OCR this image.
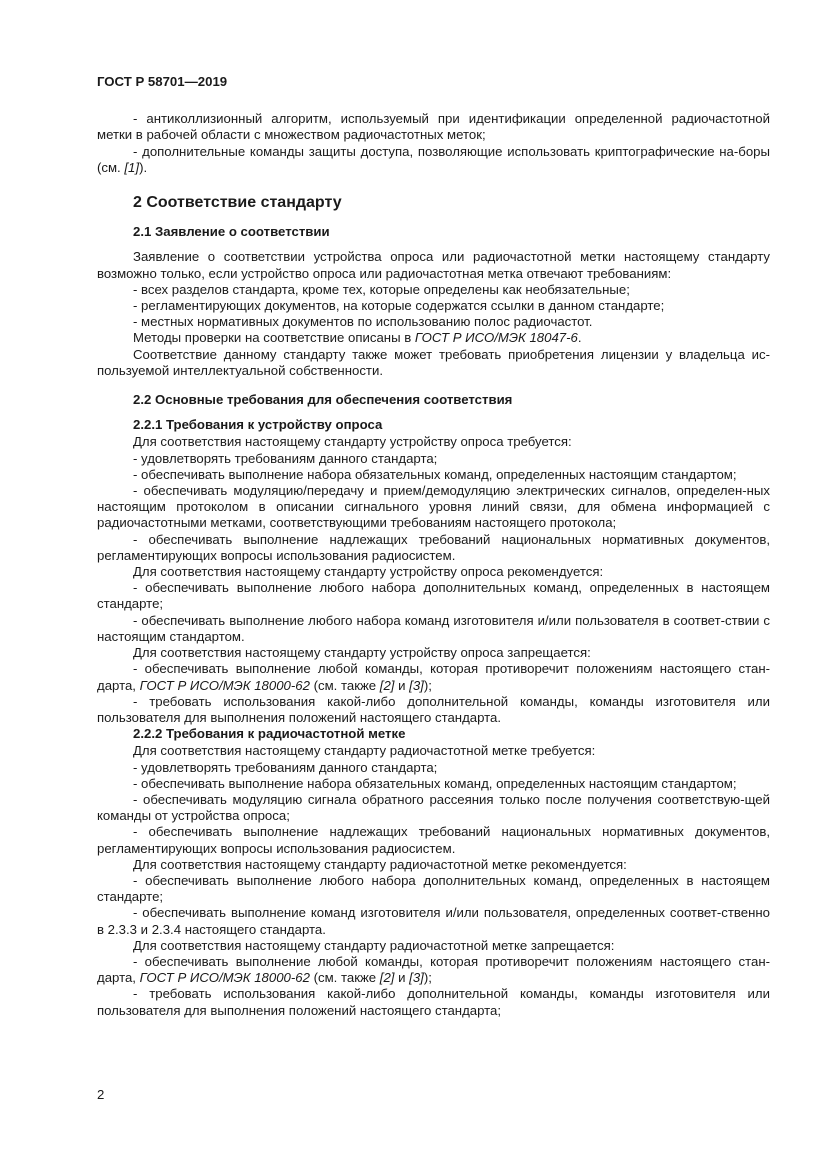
ГОСТ Р 58701—2019

- антиколлизионный алгоритм, используемый при идентификации определенной радиочастотной метки в рабочей области с множеством радиочастотных меток;

- дополнительные команды защиты доступа, позволяющие использовать криптографические на-боры (см. [1]).

2 Соответствие стандарту
2.1 Заявление о соответствии

Заявление о соответствии устройства опроса или радиочастотной метки настоящему стандарту возможно только, если устройство опроса или радиочастотная метка отвечают требованиям:

- всех разделов стандарта, кроме тех, которые определены как необязательные;

- регламентирующих документов, на которые содержатся ссылки в данном стандарте;

- местных нормативных документов по использованию полос радиочастот.

Методы проверки на соответствие описаны в ГОСТ Р ИСО/МЭК 18047-6.

Соответствие данному стандарту также может требовать приобретения лицензии у владельца ис-пользуемой интеллектуальной собственности.

2.2 Основные требования для обеспечения соответствия
2.2.1 Требования к устройству опроса

Для соответствия настоящему стандарту устройству опроса требуется:

- удовлетворять требованиям данного стандарта;

- обеспечивать выполнение набора обязательных команд, определенных настоящим стандартом;

- обеспечивать модуляцию/передачу и прием/демодуляцию электрических сигналов, определен-ных настоящим протоколом в описании сигнального уровня линий связи, для обмена информацией с радиочастотными метками, соответствующими требованиям настоящего протокола;

- обеспечивать выполнение надлежащих требований национальных нормативных документов, регламентирующих вопросы использования радиосистем.

Для соответствия настоящему стандарту устройству опроса рекомендуется:

- обеспечивать выполнение любого набора дополнительных команд, определенных в настоящем стандарте;

- обеспечивать выполнение любого набора команд изготовителя и/или пользователя в соответ-ствии с настоящим стандартом.

Для соответствия настоящему стандарту устройству опроса запрещается:

- обеспечивать выполнение любой команды, которая противоречит положениям настоящего стан-дарта, ГОСТ Р ИСО/МЭК 18000-62 (см. также [2] и [3]);

- требовать использования какой-либо дополнительной команды, команды изготовителя или пользователя для выполнения положений настоящего стандарта.

2.2.2 Требования к радиочастотной метке

Для соответствия настоящему стандарту радиочастотной метке требуется:

- удовлетворять требованиям данного стандарта;

- обеспечивать выполнение набора обязательных команд, определенных настоящим стандартом;

- обеспечивать модуляцию сигнала обратного рассеяния только после получения соответствую-щей команды от устройства опроса;

- обеспечивать выполнение надлежащих требований национальных нормативных документов, регламентирующих вопросы использования радиосистем.

Для соответствия настоящему стандарту радиочастотной метке рекомендуется:

- обеспечивать выполнение любого набора дополнительных команд, определенных в настоящем стандарте;

- обеспечивать выполнение команд изготовителя и/или пользователя, определенных соответ-ственно в 2.3.3 и 2.3.4 настоящего стандарта.

Для соответствия настоящему стандарту радиочастотной метке запрещается:

- обеспечивать выполнение любой команды, которая противоречит положениям настоящего стан-дарта, ГОСТ Р ИСО/МЭК 18000-62 (см. также [2] и [3]);

- требовать использования какой-либо дополнительной команды, команды изготовителя или пользователя для выполнения положений настоящего стандарта;

2
